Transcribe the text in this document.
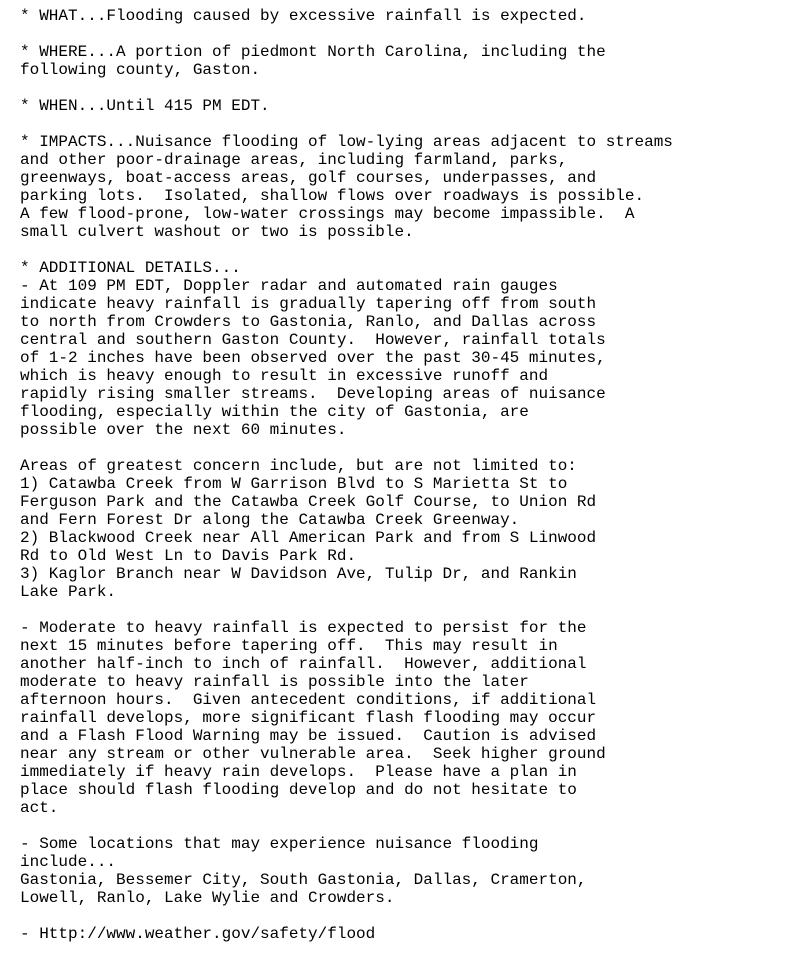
* WHAT...Flooding caused by excessive rainfall is expected.
* WHERE...A portion of piedmont North Carolina, including the
following county, Gaston.
* WHEN...Until 415 PM EDT.
* IMPACTS...Nuisance flooding of low-lying areas adjacent to streams
and other poor-drainage areas, including farmland, parks,
greenways, boat-access areas, golf courses, underpasses, and
parking lots.  Isolated, shallow flows over roadways is possible.
A few flood-prone, low-water crossings may become impassible.  A
small culvert washout or two is possible.
* ADDITIONAL DETAILS...
- At 109 PM EDT, Doppler radar and automated rain gauges
indicate heavy rainfall is gradually tapering off from south
to north from Crowders to Gastonia, Ranlo, and Dallas across
central and southern Gaston County.  However, rainfall totals
of 1-2 inches have been observed over the past 30-45 minutes,
which is heavy enough to result in excessive runoff and
rapidly rising smaller streams.  Developing areas of nuisance
flooding, especially within the city of Gastonia, are
possible over the next 60 minutes.
Areas of greatest concern include, but are not limited to:
1) Catawba Creek from W Garrison Blvd to S Marietta St to
Ferguson Park and the Catawba Creek Golf Course, to Union Rd
and Fern Forest Dr along the Catawba Creek Greenway.
2) Blackwood Creek near All American Park and from S Linwood
Rd to Old West Ln to Davis Park Rd.
3) Kaglor Branch near W Davidson Ave, Tulip Dr, and Rankin
Lake Park.
- Moderate to heavy rainfall is expected to persist for the
next 15 minutes before tapering off.  This may result in
another half-inch to inch of rainfall.  However, additional
moderate to heavy rainfall is possible into the later
afternoon hours.  Given antecedent conditions, if additional
rainfall develops, more significant flash flooding may occur
and a Flash Flood Warning may be issued.  Caution is advised
near any stream or other vulnerable area.  Seek higher ground
immediately if heavy rain develops.  Please have a plan in
place should flash flooding develop and do not hesitate to
act.
- Some locations that may experience nuisance flooding
include...
Gastonia, Bessemer City, South Gastonia, Dallas, Cramerton,
Lowell, Ranlo, Lake Wylie and Crowders.
- Http://www.weather.gov/safety/flood
